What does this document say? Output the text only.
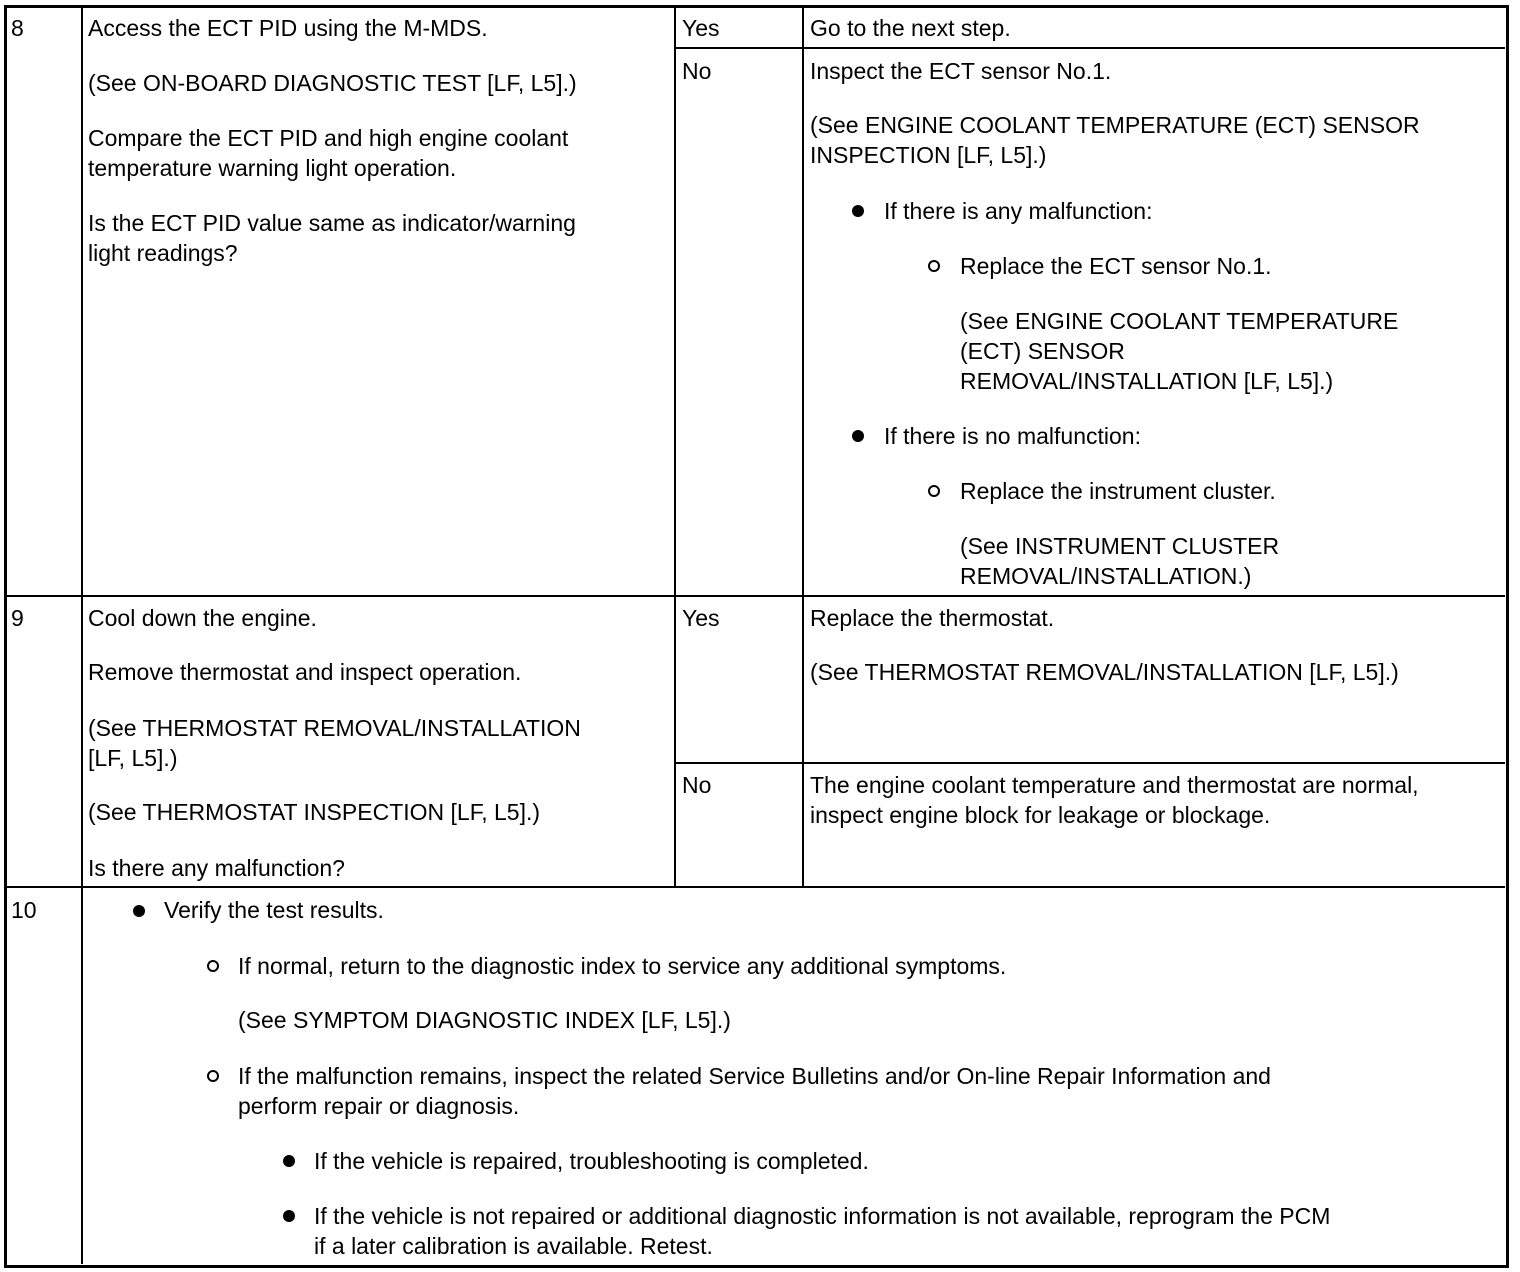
8	Access the ECT PID using the M-MDS.

(See ON-BOARD DIAGNOSTIC TEST [LF, L5].)

Compare the ECT PID and high engine coolant

temperature warning light operation.

Is the ECT PID value same as indicator/warning

light readings?

Yes	Go to the next step.

No	Inspect the ECT sensor No.1.

(See ENGINE COOLANT TEMPERATURE (ECT) SENSOR

INSPECTION [LF, L5].)

If there is any malfunction:

Replace the ECT sensor No.1.

(See ENGINE COOLANT TEMPERATURE

(ECT) SENSOR

REMOVAL/INSTALLATION [LF, L5].)

If there is no malfunction:

Replace the instrument cluster.

(See INSTRUMENT CLUSTER

REMOVAL/INSTALLATION.)

9	Cool down the engine.

Remove thermostat and inspect operation.

(See THERMOSTAT REMOVAL/INSTALLATION

[LF, L5].)

(See THERMOSTAT INSPECTION [LF, L5].)

Is there any malfunction?

Yes	Replace the thermostat.

(See THERMOSTAT REMOVAL/INSTALLATION [LF, L5].)

No	The engine coolant temperature and thermostat are normal,

inspect engine block for leakage or blockage.

10	Verify the test results.

If normal, return to the diagnostic index to service any additional symptoms.

(See SYMPTOM DIAGNOSTIC INDEX [LF, L5].)

If the malfunction remains, inspect the related Service Bulletins and/or On-line Repair Information and

perform repair or diagnosis.

If the vehicle is repaired, troubleshooting is completed.

If the vehicle is not repaired or additional diagnostic information is not available, reprogram the PCM

if a later calibration is available. Retest.
